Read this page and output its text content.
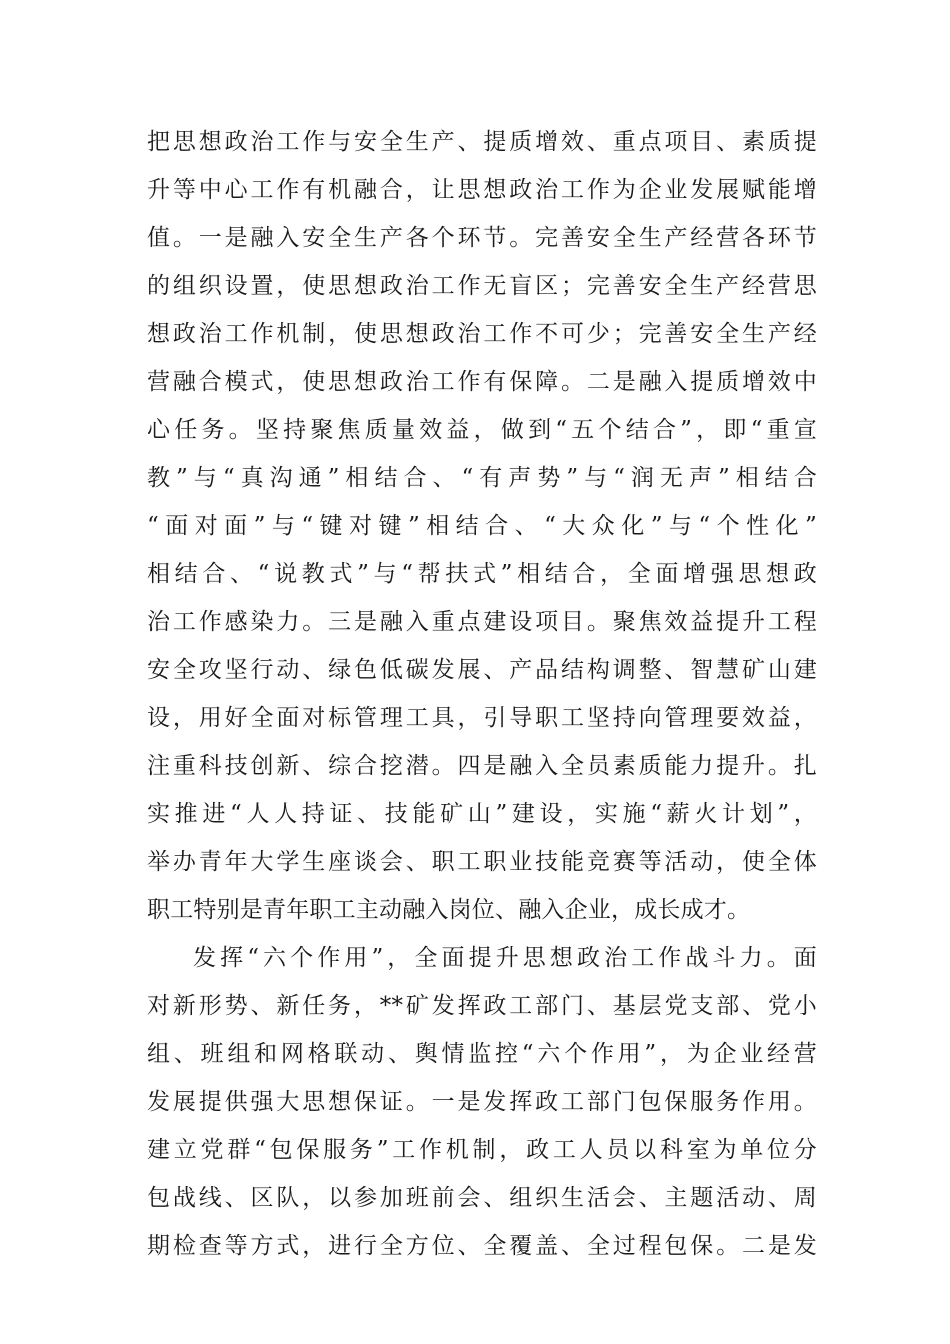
把思想政治工作与安全生产、提质增效、重点项目、素质提
升等中心工作有机融合，让思想政治工作为企业发展赋能增
值。一是融入安全生产各个环节。完善安全生产经营各环节
的组织设置，使思想政治工作无盲区；完善安全生产经营思
想政治工作机制，使思想政治工作不可少；完善安全生产经
营融合模式，使思想政治工作有保障。二是融入提质增效中
心任务。坚持聚焦质量效益，做到“五个结合”，即“重宣
教”与“真沟通”相结合、“有声势”与“润无声”相结合
“面对面”与“键对键”相结合、“大众化”与“个性化”
相结合、“说教式”与“帮扶式”相结合，全面增强思想政
治工作感染力。三是融入重点建设项目。聚焦效益提升工程
安全攻坚行动、绿色低碳发展、产品结构调整、智慧矿山建
设，用好全面对标管理工具，引导职工坚持向管理要效益，
注重科技创新、综合挖潜。四是融入全员素质能力提升。扎
实推进“人人持证、技能矿山”建设，实施“薪火计划”，
举办青年大学生座谈会、职工职业技能竞赛等活动，使全体
职工特别是青年职工主动融入岗位、融入企业，成长成才。
发挥“六个作用”，全面提升思想政治工作战斗力。面
对新形势、新任务，**矿发挥政工部门、基层党支部、党小
组、班组和网格联动、舆情监控“六个作用”，为企业经营
发展提供强大思想保证。一是发挥政工部门包保服务作用。
建立党群“包保服务”工作机制，政工人员以科室为单位分
包战线、区队，以参加班前会、组织生活会、主题活动、周
期检查等方式，进行全方位、全覆盖、全过程包保。二是发
